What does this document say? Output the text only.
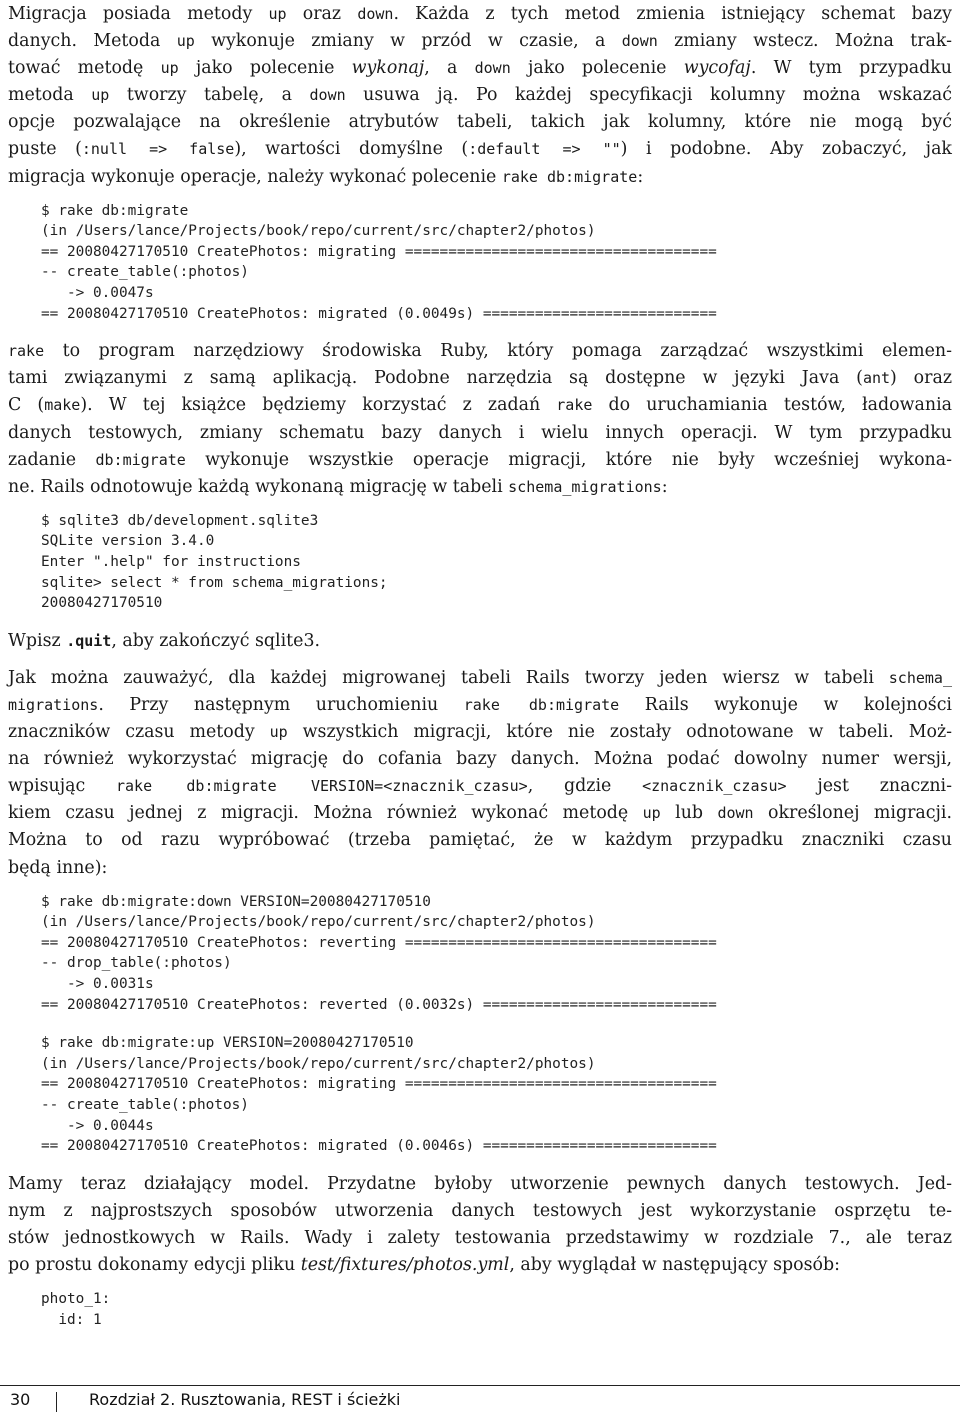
Migracja posiada metody up oraz down. Każda z tych metod zmienia istniejący schemat bazy
danych. Metoda up wykonuje zmiany w przód w czasie, a down zmiany wstecz. Można trak-
tować metodę up jako polecenie wykonaj, a down jako polecenie wycofaj. W tym przypadku
metoda up tworzy tabelę, a down usuwa ją. Po każdej specyfikacji kolumny można wskazać
opcje pozwalające na określenie atrybutów tabeli, takich jak kolumny, które nie mogą być
puste (:null => false), wartości domyślne (:default => "") i podobne. Aby zobaczyć, jak
migracja wykonuje operacje, należy wykonać polecenie rake db:migrate:

$ rake db:migrate
(in /Users/lance/Projects/book/repo/current/src/chapter2/photos)
== 20080427170510 CreatePhotos: migrating ====================================
-- create_table(:photos)
-> 0.0047s
== 20080427170510 CreatePhotos: migrated (0.0049s) ===========================

rake to program narzędziowy środowiska Ruby, który pomaga zarządzać wszystkimi elemen-
tami związanymi z samą aplikacją. Podobne narzędzia są dostępne w języki Java (ant) oraz
C (make). W tej książce będziemy korzystać z zadań rake do uruchamiania testów, ładowania
danych testowych, zmiany schematu bazy danych i wielu innych operacji. W tym przypadku
zadanie db:migrate wykonuje wszystkie operacje migracji, które nie były wcześniej wykona-
ne. Rails odnotowuje każdą wykonaną migrację w tabeli schema_migrations:

$ sqlite3 db/development.sqlite3
SQLite version 3.4.0
Enter ".help" for instructions
sqlite> select * from schema_migrations;
20080427170510

Wpisz .quit, aby zakończyć sqlite3.

Jak można zauważyć, dla każdej migrowanej tabeli Rails tworzy jeden wiersz w tabeli schema_
migrations. Przy następnym uruchomieniu rake db:migrate Rails wykonuje w kolejności
znaczników czasu metody up wszystkich migracji, które nie zostały odnotowane w tabeli. Moż-
na również wykorzystać migrację do cofania bazy danych. Można podać dowolny numer wersji,
wpisując rake db:migrate VERSION=<znacznik_czasu>, gdzie <znacznik_czasu> jest znaczni-
kiem czasu jednej z migracji. Można również wykonać metodę up lub down określonej migracji.
Można to od razu wypróbować (trzeba pamiętać, że w każdym przypadku znaczniki czasu
będą inne):

$ rake db:migrate:down VERSION=20080427170510
(in /Users/lance/Projects/book/repo/current/src/chapter2/photos)
== 20080427170510 CreatePhotos: reverting ====================================
-- drop_table(:photos)
-> 0.0031s
== 20080427170510 CreatePhotos: reverted (0.0032s) ===========================
$ rake db:migrate:up VERSION=20080427170510
(in /Users/lance/Projects/book/repo/current/src/chapter2/photos)
== 20080427170510 CreatePhotos: migrating ====================================
-- create_table(:photos)
-> 0.0044s
== 20080427170510 CreatePhotos: migrated (0.0046s) ===========================

Mamy teraz działający model. Przydatne byłoby utworzenie pewnych danych testowych. Jed-
nym z najprostszych sposobów utworzenia danych testowych jest wykorzystanie osprzętu te-
stów jednostkowych w Rails. Wady i zalety testowania przedstawimy w rozdziale 7., ale teraz
po prostu dokonamy edycji pliku test/fixtures/photos.yml, aby wyglądał w następujący sposób:

photo_1:
id: 1
30	Rozdział 2. Rusztowania, REST i ścieżki
